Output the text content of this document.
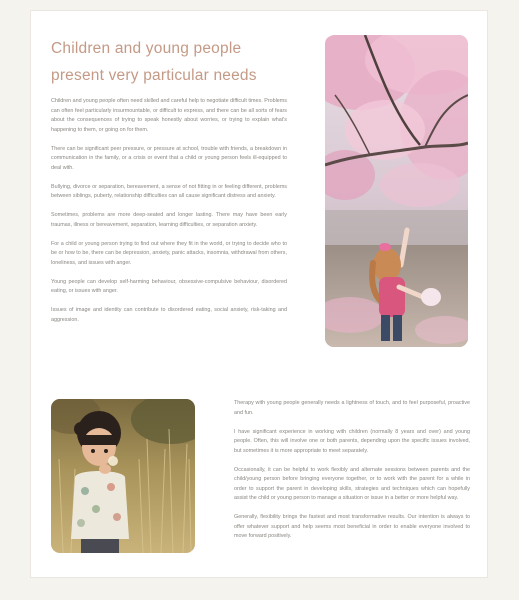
Children and young people
present very particular needs

Children and young people often need skilled and careful help to negotiate difficult times. Problems can often feel particularly insurmountable, or difficult to express, and there can be all sorts of fears about the consequences of trying to speak honestly about worries, or trying to explain what's happening to them, or going on for them.

There can be significant peer pressure, or pressure at school, trouble with friends, a breakdown in communication in the family, or a crisis or event that a child or young person feels ill-equipped to deal with.

Bullying, divorce or separation, bereavement, a sense of not fitting in or feeling different, problems between siblings, puberty, relationship difficulties can all cause significant distress and anxiety.

Sometimes, problems are more deep-seated and longer lasting. There may have been early traumas, illness or bereavement, separation, learning difficulties, or separation anxiety.

For a child or young person trying to find out where they fit in the world, or trying to decide who to be or how to be, there can be depression, anxiety, panic attacks, insomnia, withdrawal from others, loneliness, and issues with anger.

Young people can develop self-harming behaviour, obsessive-compulsive behaviour, disordered eating, or issues with anger.

Issues of image and identity can contribute to disordered eating, social anxiety, risk-taking and aggression.

Therapy with young people generally needs a lightness of touch, and to feel purposeful, proactive and fun.

I have significant experience in working with children (normally 8 years and over) and young people. Often, this will involve one or both parents, depending upon the specific issues involved, but sometimes it is more appropriate to meet separately.

Occasionally, it can be helpful to work flexibly and alternate sessions between parents and the child/young person before bringing everyone together, or to work with the parent for a while in order to support the parent in developing skills, strategies and techniques which can hopefully assist the child or young person to manage a situation or issue in a better or more helpful way.

Generally, flexibility brings the fastest and most transformative results. Our intention is always to offer whatever support and help seems most beneficial in order to enable everyone involved to move forward positively.
